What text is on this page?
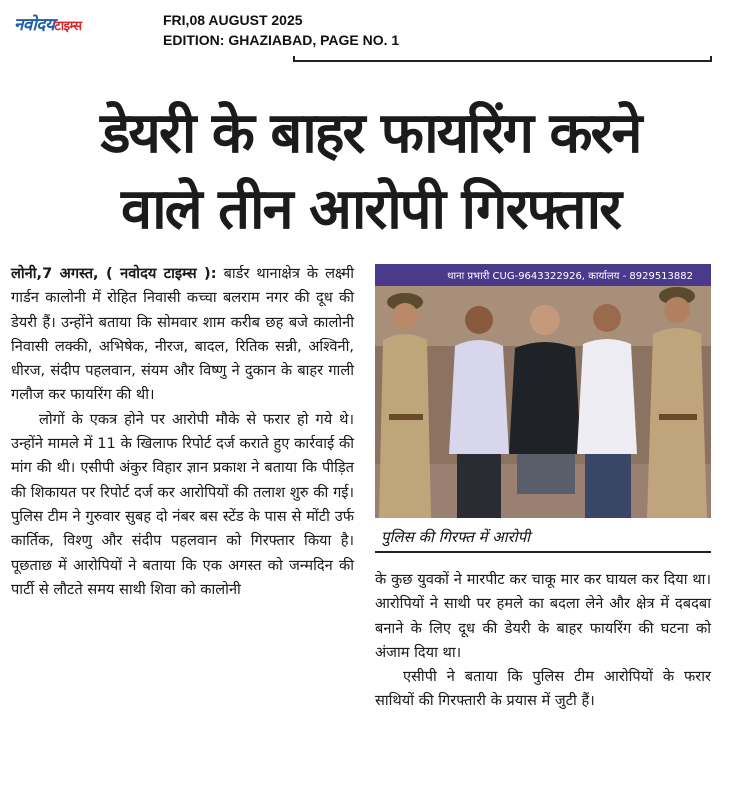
नवोदयटाइम्स	FRI,08 AUGUST 2025
EDITION: GHAZIABAD, PAGE NO. 1
डेयरी के बाहर फायरिंग करने
वाले तीन आरोपी गिरफ्तार

लोनी,7 अगस्त, ( नवोदय टाइम्स ): बार्डर थानाक्षेत्र के लक्ष्मी गार्डन कालोनी में रोहित निवासी कच्चा बलराम नगर की दूध की डेयरी हैं। उन्होंने बताया कि सोमवार शाम करीब छह बजे कालोनी निवासी लक्की, अभिषेक, नीरज, बादल, रितिक सन्नी, अश्विनी, धीरज, संदीप पहलवान, संयम और विष्णु ने दुकान के बाहर गाली गलौज कर फायरिंग की थी।

लोगों के एकत्र होने पर आरोपी मौके से फरार हो गये थे। उन्होंने मामले में 11 के खिलाफ रिपोर्ट दर्ज कराते हुए कार्रवाई की मांग की थी। एसीपी अंकुर विहार ज्ञान प्रकाश ने बताया कि पीड़ित की शिकायत पर रिपोर्ट दर्ज कर आरोपियों की तलाश शुरु की गई। पुलिस टीम ने गुरुवार सुबह दो नंबर बस स्टेंड के पास से मोंटी उर्फ कार्तिक, विश्णु और संदीप पहलवान को गिरफ्तार किया है। पूछताछ में आरोपियों ने बताया कि एक अगस्त को जन्मदिन की पार्टी से लौटते समय साथी शिवा को कालोनी

थाना प्रभारी CUG-9643322926, कार्यालय - 8929513882
पुलिस की गिरफ्त में आरोपी

के कुछ युवकों ने मारपीट कर चाकू मार कर घायल कर दिया था। आरोपियों ने साथी पर हमले का बदला लेने और क्षेत्र में दबदबा बनाने के लिए दूध की डेयरी के बाहर फायरिंग की घटना को अंजाम दिया था।

एसीपी ने बताया कि पुलिस टीम आरोपियों के फरार साथियों की गिरफ्तारी के प्रयास में जुटी हैं।
